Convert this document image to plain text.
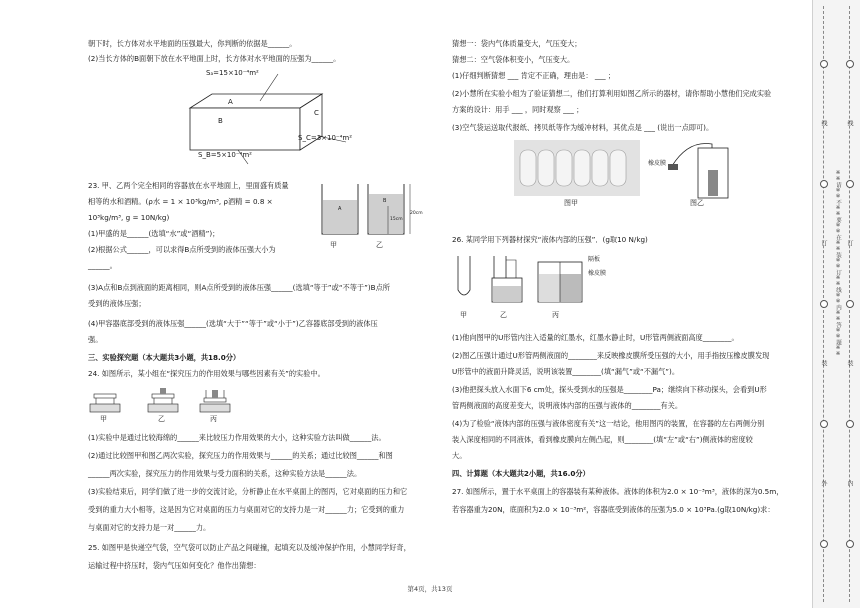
朝下时，长方体对水平地面的压强最大，你判断的依据是______。
(2)当长方体的B面朝下放在水平地面上时，长方体对水平地面的压强为______。
Sₐ=15×10⁻⁴m²
A
B
C
S_C=3×10⁻⁴m²
S_B=5×10⁻⁴m²
23. 甲、乙两个完全相同的容器放在水平地面上，里面盛有质量
相等的水和酒精。(ρ水 = 1 × 10³kg/m³, ρ酒精 = 0.8 ×
10³kg/m³, g = 10N/kg)
(1)甲盛的是______(选填“水”或“酒精”)；
(2)根据公式______，可以求得B点所受到的液体压强大小为
______。
(3)A点和B点到液面的距离相同，则A点所受到的液体压强______(选填“等于”或“不等于”)B点所
受到的液体压强；
(4)甲容器底部受到的液体压强______(选填“大于”“等于”或“小于”)乙容器底部受到的液体压
强。
A
B
15cm
20cm
甲	乙
三、实验探究题（本大题共3小题，共18.0分）
24. 如图所示，某小组在“探究压力的作用效果与哪些因素有关”的实验中。
甲	乙	丙
(1)实验中是通过比较海绵的______来比较压力作用效果的大小，这种实验方法叫做______法。
(2)通过比较图甲和图乙两次实验，探究压力的作用效果与______的关系；通过比较图______和图
______两次实验，探究压力的作用效果与受力面积的关系，这种实验方法是______法。
(3)实验结束后，同学们做了进一步的交流讨论，分析静止在水平桌面上的图丙，它对桌面的压力和它
受到的重力大小相等，这是因为它对桌面的压力与桌面对它的支持力是一对______力；它受到的重力
与桌面对它的支持力是一对______力。
25. 如图甲是快递空气袋，空气袋可以防止产品之间碰撞，起填充以及缓冲保护作用，小慧同学好奇，
运输过程中挤压时，袋内气压如何变化？他作出猜想：
猜想一：袋内气体质量变大，气压变大；
猜想二：空气袋体积变小，气压变大。
(1)仔细判断猜想 ___ 肯定不正确，理由是： ___ ；
(2)小慧所在实验小组为了验证猜想二，他们打算利用如图乙所示的器材，请你帮助小慧他们完成实验
方案的设计：用手 ___ ，同时观察 ___ ；
(3)空气袋运送取代报纸、拷贝纸等作为缓冲材料，其优点是 ___ (说出一点即可)。
图甲
橡皮膜
图乙
26. 某同学用下列器材探究“液体内部的压强”．(g取10 N/kg)
甲	乙	丙
隔板
橡皮膜
(1)他向图甲的U形管内注入适量的红墨水，红墨水静止时，U形管两侧液面高度________。
(2)图乙压强计通过U形管两侧液面的________来反映橡皮膜所受压强的大小，用手指按压橡皮膜发现
U形管中的液面升降灵活，说明该装置________(填“漏气”或“不漏气”)。
(3)他把探头放入水面下6 cm处，探头受到水的压强是________Pa；继续向下移动探头，会看到U形
管两侧液面的高度差变大，说明液体内部的压强与液体的________有关。
(4)为了检验“液体内部的压强与液体密度有关”这一结论，他用图丙的装置，在容器的左右两侧分别
装入深度相同的不同液体，看到橡皮膜向左侧凸起，则________(填“左”或“右”)侧液体的密度较
大。
四、计算题（本大题共2小题，共16.0分）
27. 如图所示，置于水平桌面上的容器装有某种液体。液体的体积为2.0 × 10⁻³m³，液体的深为0.5m，
若容器重为20N，底面积为2.0 × 10⁻³m²，容器底受到液体的压强为5.0 × 10³Pa.(g取10N/kg)求：
第4页，共13页
※※请※※不※※要※※在※※装※※订※※线※※内※※答※※题※※
线
订
装
内
线
订
装
外
